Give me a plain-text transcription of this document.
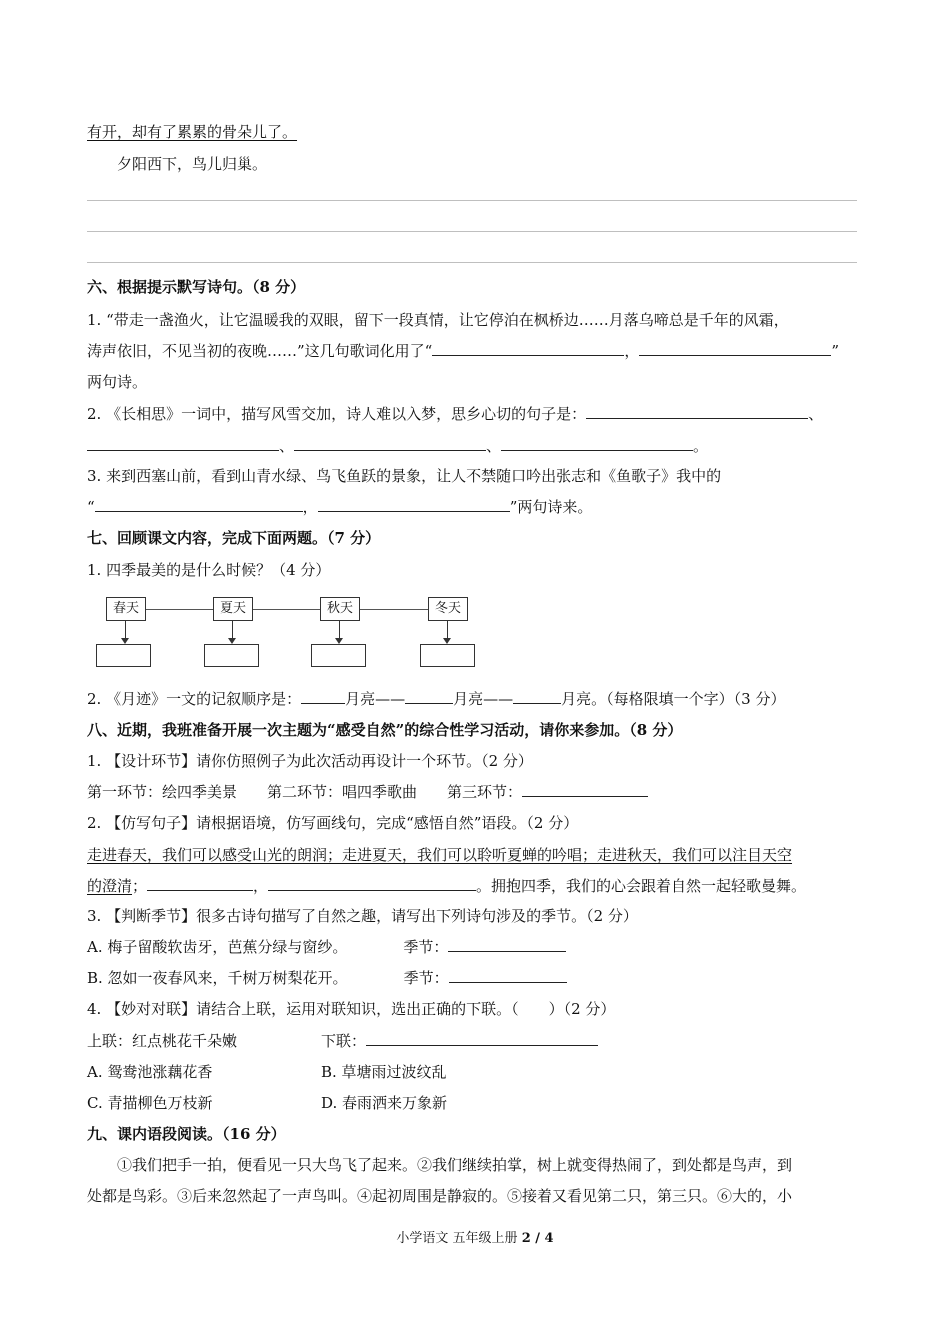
有开，却有了累累的骨朵儿了。
夕阳西下，鸟儿归巢。
六、根据提示默写诗句。（8 分）
1. “带走一盏渔火，让它温暖我的双眼，留下一段真情，让它停泊在枫桥边……月落乌啼总是千年的风霜，
涛声依旧，不见当初的夜晚……”这几句歌词化用了“	，	”
两句诗。
2. 《长相思》一词中，描写风雪交加，诗人难以入梦，思乡心切的句子是：	、
、	、	。
3. 来到西塞山前，看到山青水绿、鸟飞鱼跃的景象，让人不禁随口吟出张志和《鱼歌子》我中的
“	，	”两句诗来。
七、回顾课文内容，完成下面两题。（7 分）
1. 四季最美的是什么时候？（4 分）
春天	夏天	秋天	冬天
2. 《月迹》一文的记叙顺序是：	月亮——	月亮——	月亮。（每格限填一个字）（3 分）
八、近期，我班准备开展一次主题为“感受自然”的综合性学习活动，请你来参加。（8 分）
1. 【设计环节】请你仿照例子为此次活动再设计一个环节。（2 分）
第一环节：绘四季美景 第二环节：唱四季歌曲 第三环节：
2. 【仿写句子】请根据语境，仿写画线句，完成“感悟自然”语段。（2 分）
走进春天，我们可以感受山光的朗润；走进夏天，我们可以聆听夏蝉的吟唱；走进秋天，我们可以注目天空
的澄清；	，	。拥抱四季，我们的心会跟着自然一起轻歌曼舞。
3. 【判断季节】很多古诗句描写了自然之趣，请写出下列诗句涉及的季节。（2 分）
A. 梅子留酸软齿牙，芭蕉分绿与窗纱。	季节：
B. 忽如一夜春风来，千树万树梨花开。	季节：
4. 【妙对对联】请结合上联，运用对联知识，选出正确的下联。（　　）（2 分）
上联：红点桃花千朵嫩	下联：
A. 鸳鸯池涨藕花香	B. 草塘雨过波纹乱
C. 青描柳色万枝新	D. 春雨洒来万象新
九、课内语段阅读。（16 分）
①我们把手一拍，便看见一只大鸟飞了起来。②我们继续拍掌，树上就变得热闹了，到处都是鸟声，到
处都是鸟彩。③后来忽然起了一声鸟叫。④起初周围是静寂的。⑤接着又看见第二只，第三只。⑥大的，小
小学语文 五年级上册 2 / 4
